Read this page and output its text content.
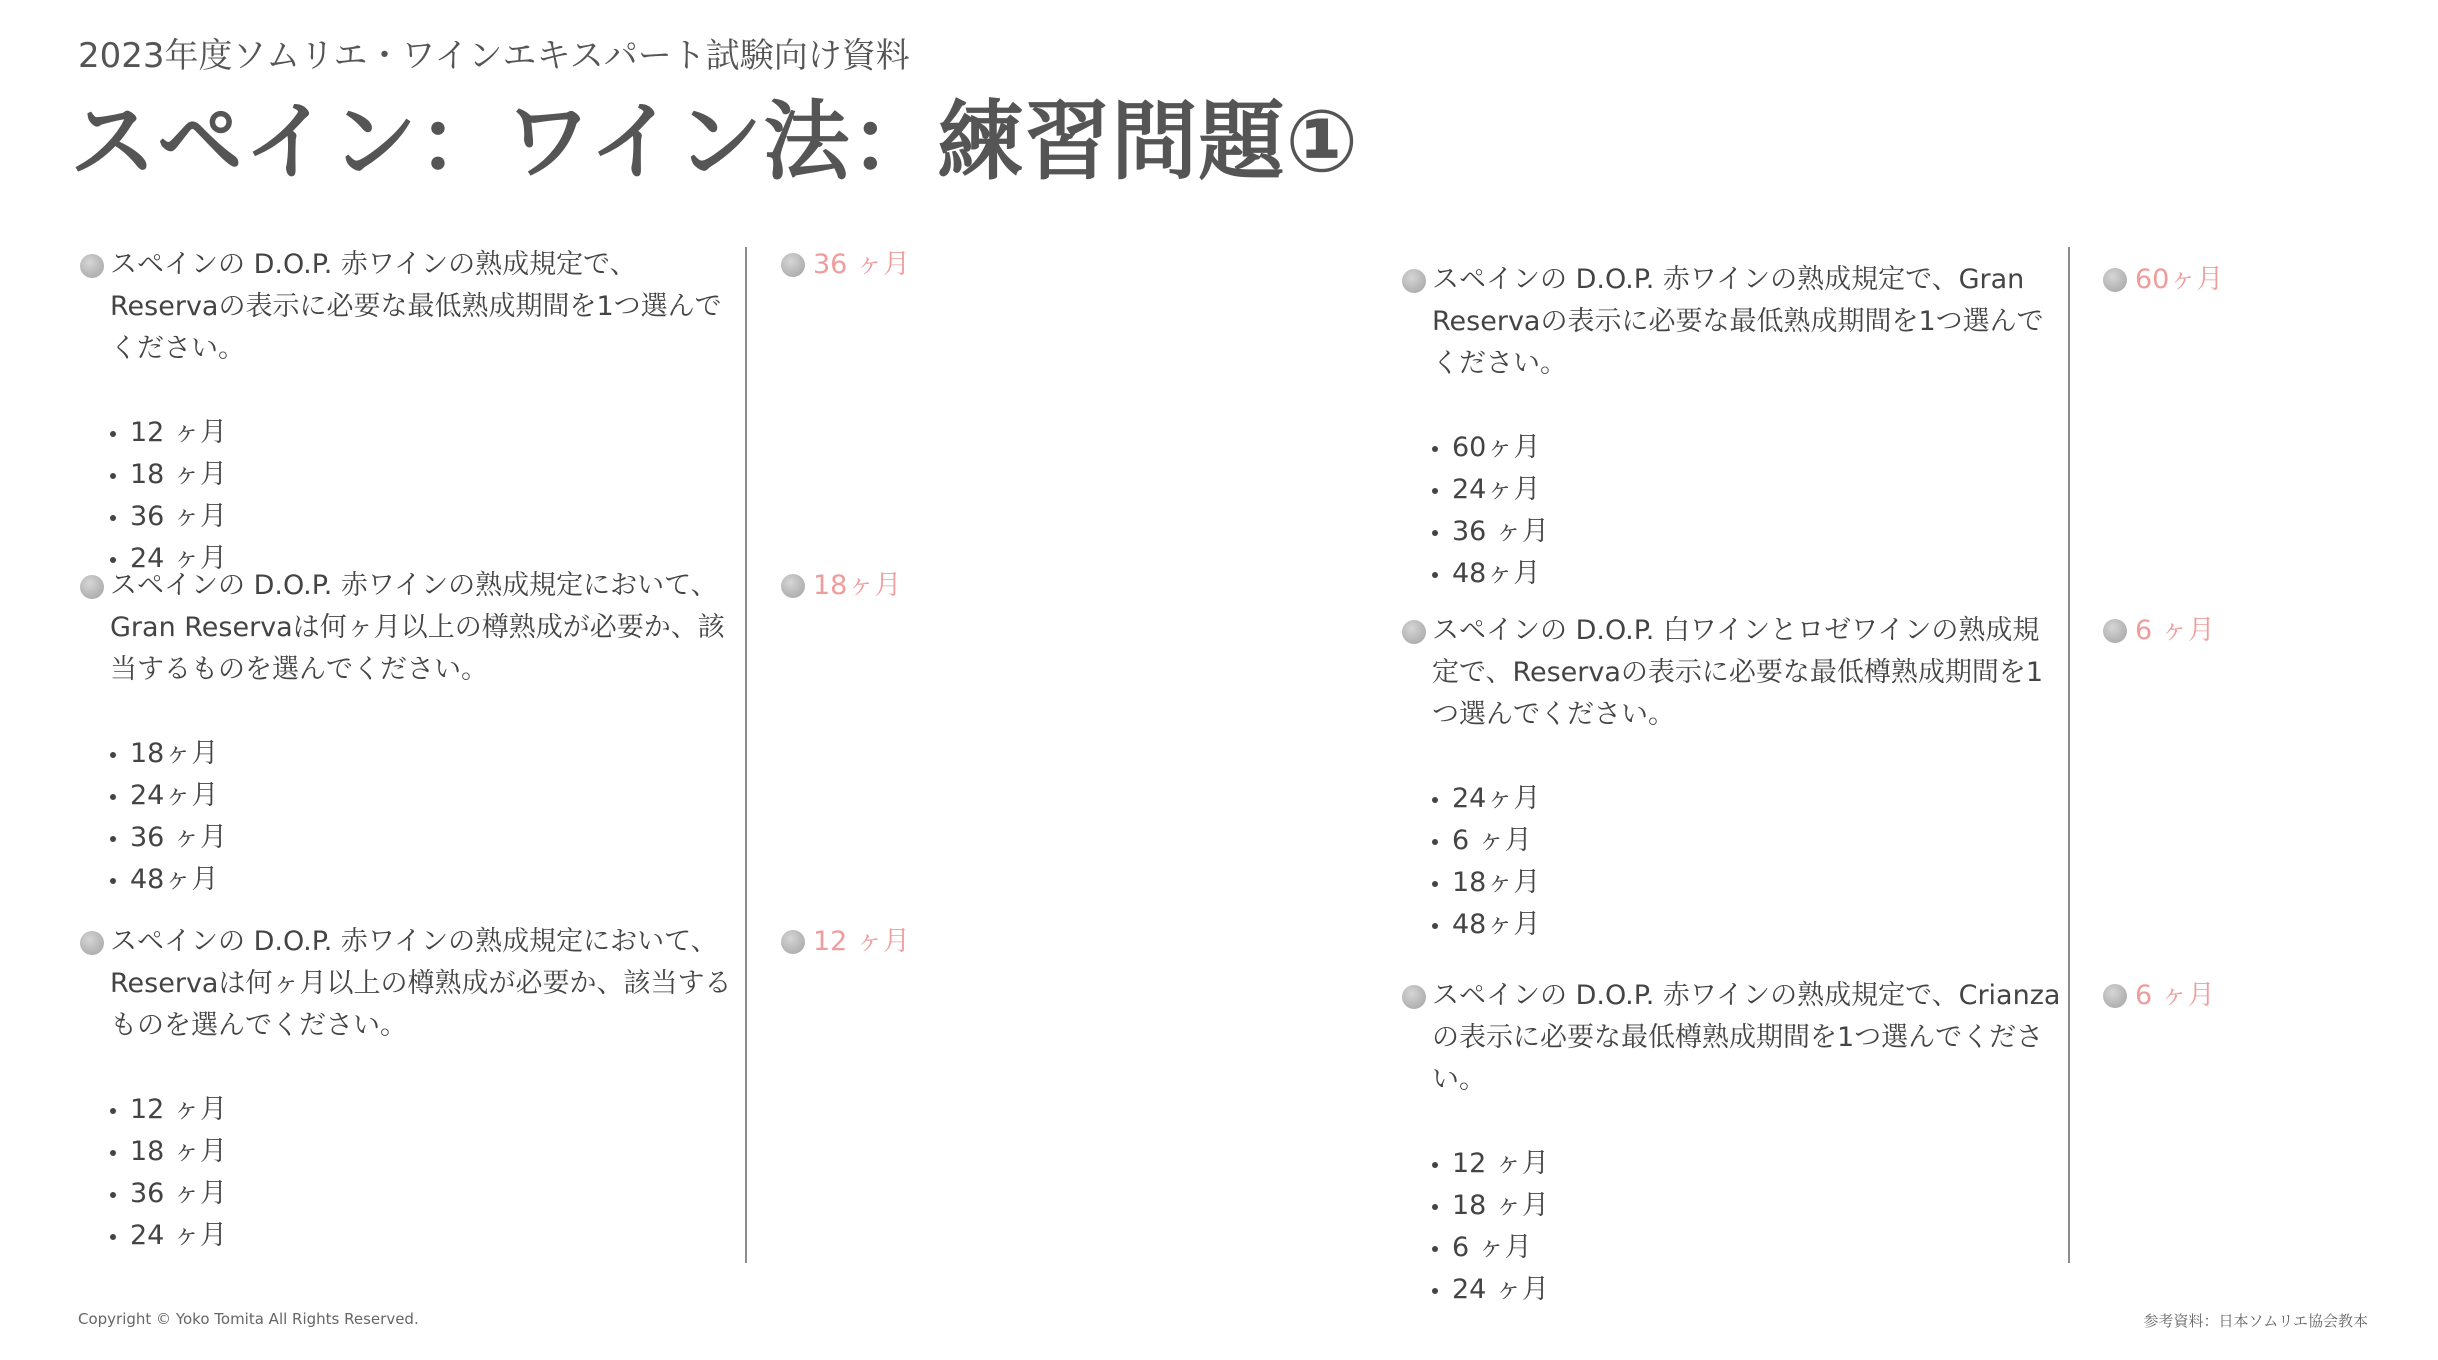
2023年度ソムリエ・ワインエキスパート試験向け資料
スペイン：ワイン法：練習問題①
スペインの D.O.P. 赤ワインの熟成規定で、Reservaの表示に必要な最低熟成期間を1つ選んでください。
12 ヶ月
18 ヶ月
36 ヶ月
24 ヶ月
36 ヶ月
スペインの D.O.P. 赤ワインの熟成規定において、Gran Reservaは何ヶ月以上の樽熟成が必要か、該当するものを選んでください。
18ヶ月
24ヶ月
36 ヶ月
48ヶ月
18ヶ月
スペインの D.O.P. 赤ワインの熟成規定において、Reservaは何ヶ月以上の樽熟成が必要か、該当するものを選んでください。
12 ヶ月
18 ヶ月
36 ヶ月
24 ヶ月
12 ヶ月
スペインの D.O.P. 赤ワインの熟成規定で、Gran Reservaの表示に必要な最低熟成期間を1つ選んでください。
60ヶ月
24ヶ月
36 ヶ月
48ヶ月
60ヶ月
スペインの D.O.P. 白ワインとロゼワインの熟成規定で、Reservaの表示に必要な最低樽熟成期間を1つ選んでください。
24ヶ月
6 ヶ月
18ヶ月
48ヶ月
6 ヶ月
スペインの D.O.P. 赤ワインの熟成規定で、Crianzaの表示に必要な最低樽熟成期間を1つ選んでください。
12 ヶ月
18 ヶ月
6 ヶ月
24 ヶ月
6 ヶ月
Copyright © Yoko Tomita All Rights Reserved.	参考資料：日本ソムリエ協会教本
